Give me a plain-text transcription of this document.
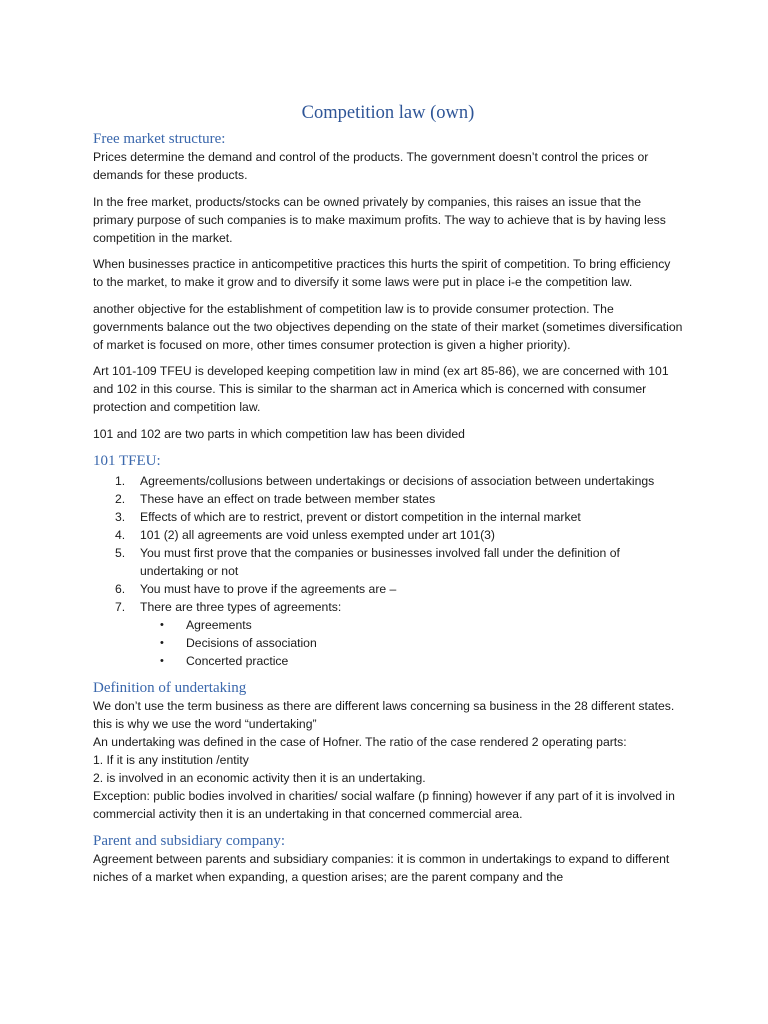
Competition law (own)
Free market structure:

Prices determine the demand and control of the products. The government doesn’t control the prices or demands for these products.

In the free market, products/stocks can be owned privately by companies, this raises an issue that the primary purpose of such companies is to make maximum profits. The way to achieve that is by having less competition in the market.

When businesses practice in anticompetitive practices this hurts the spirit of competition. To bring efficiency to the market, to make it grow and to diversify it some laws were put in place i-e the competition law.

another objective for the establishment of competition law is to provide consumer protection. The governments balance out the two objectives depending on the state of their market (sometimes diversification of market is focused on more, other times consumer protection is given a higher priority).

Art 101-109 TFEU is developed keeping competition law in mind (ex art 85-86), we are concerned with 101 and 102 in this course. This is similar to the sharman act in America which is concerned with consumer protection and competition law.

101 and 102 are two parts in which competition law has been divided

101 TFEU:
1. Agreements/collusions between undertakings or decisions of association between undertakings
2. These have an effect on trade between member states
3. Effects of which are to restrict, prevent or distort competition in the internal market
4. 101 (2) all agreements are void unless exempted under art 101(3)
5. You must first prove that the companies or businesses involved fall under the definition of undertaking or not
6. You must have to prove if the agreements are –
7. There are three types of agreements:
• Agreements
• Decisions of association
• Concerted practice
Definition of undertaking

We don’t use the term business as there are different laws concerning sa business in the 28 different states. this is why we use the word “undertaking”

An undertaking was defined in the case of Hofner. The ratio of the case rendered 2 operating parts:

1. If it is any institution /entity

2. is involved in an economic activity then it is an undertaking.

Exception: public bodies involved in charities/ social walfare (p finning) however if any part of it is involved in commercial activity then it is an undertaking in that concerned commercial area.

Parent and subsidiary company:

Agreement between parents and subsidiary companies: it is common in undertakings to expand to different niches of a market when expanding, a question arises; are the parent company and the
